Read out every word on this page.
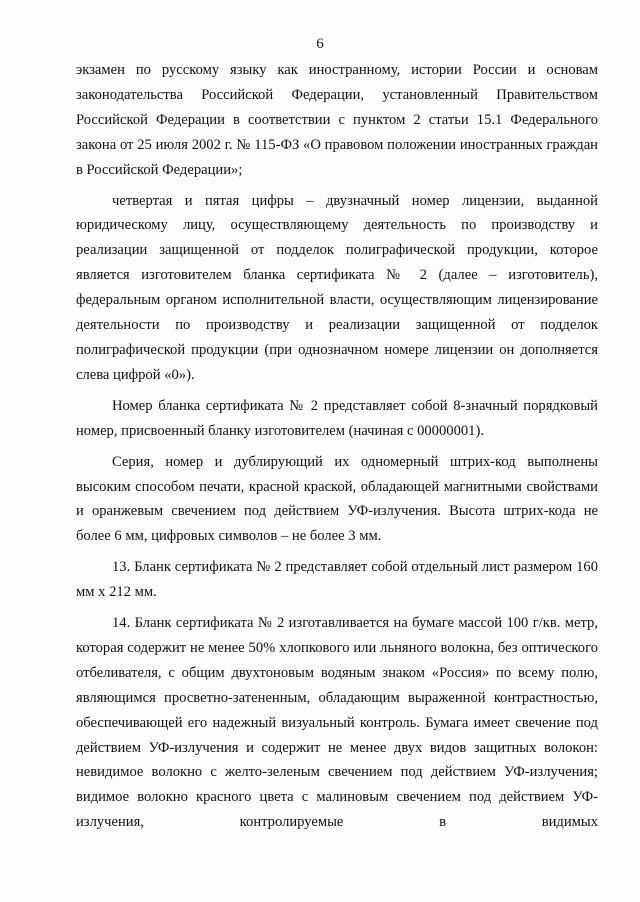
6

экзамен по русскому языку как иностранному, истории России и основам законодательства Российской Федерации, установленный Правительством Российской Федерации в соответствии с пунктом 2 статьи 15.1 Федерального закона от 25 июля 2002 г. № 115-ФЗ «О правовом положении иностранных граждан в Российской Федерации»;

четвертая и пятая цифры – двузначный номер лицензии, выданной юридическому лицу, осуществляющему деятельность по производству и реализации защищенной от подделок полиграфической продукции, которое является изготовителем бланка сертификата № 2 (далее – изготовитель), федеральным органом исполнительной власти, осуществляющим лицензирование деятельности по производству и реализации защищенной от подделок полиграфической продукции (при однозначном номере лицензии он дополняется слева цифрой «0»).

Номер бланка сертификата № 2 представляет собой 8-значный порядковый номер, присвоенный бланку изготовителем (начиная с 00000001).

Серия, номер и дублирующий их одномерный штрих-код выполнены высоким способом печати, красной краской, обладающей магнитными свойствами и оранжевым свечением под действием УФ-излучения. Высота штрих-кода не более 6 мм, цифровых символов – не более 3 мм.

13. Бланк сертификата № 2 представляет собой отдельный лист размером 160 мм x 212 мм.

14. Бланк сертификата № 2 изготавливается на бумаге массой 100 г/кв. метр, которая содержит не менее 50% хлопкового или льняного волокна, без оптического отбеливателя, с общим двухтоновым водяным знаком «Россия» по всему полю, являющимся просветно-затененным, обладающим выраженной контрастностью, обеспечивающей его надежный визуальный контроль. Бумага имеет свечение под действием УФ-излучения и содержит не менее двух видов защитных волокон: невидимое волокно с желто-зеленым свечением под действием УФ-излучения; видимое волокно красного цвета с малиновым свечением под действием УФ-излучения, контролируемые в видимых
